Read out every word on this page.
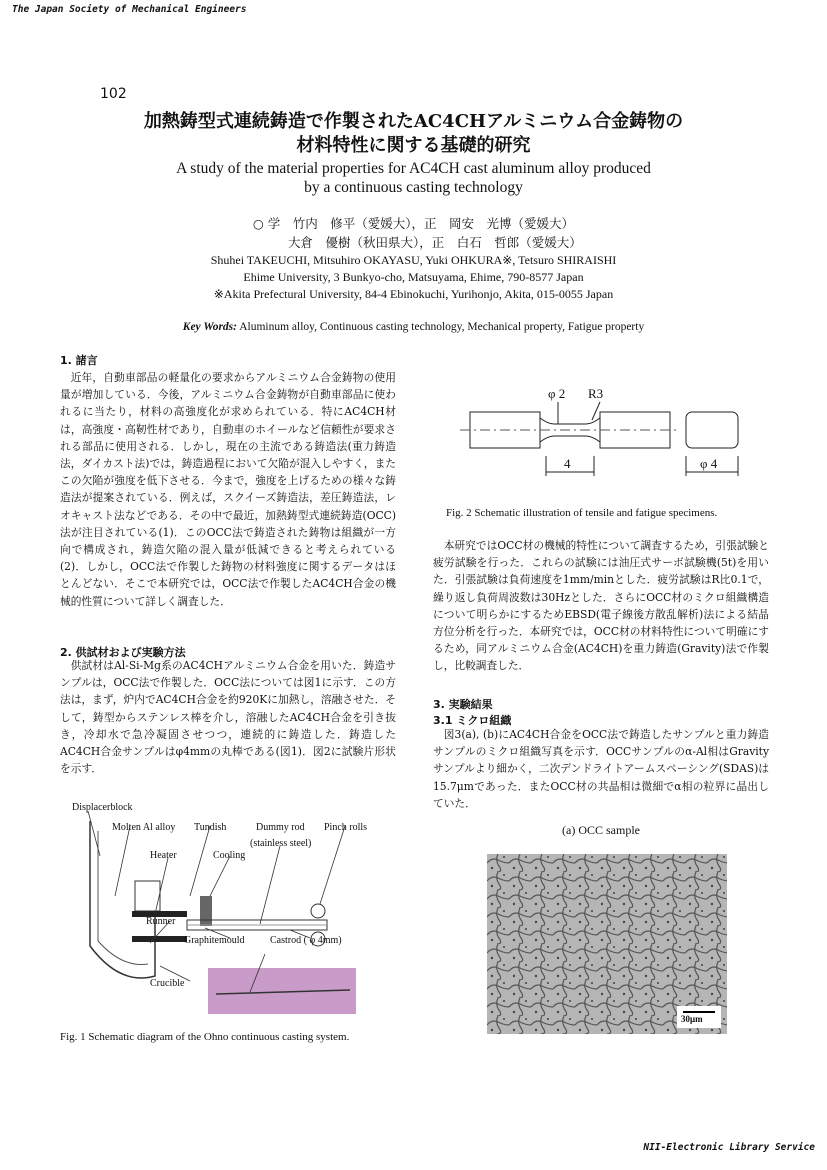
The Japan Society of Mechanical Engineers
NII-Electronic Library Service
102
加熱鋳型式連続鋳造で作製されたAC4CHアルミニウム合金鋳物の
材料特性に関する基礎的研究
A study of the material properties for AC4CH cast aluminum alloy produced
by a continuous casting technology
○ 学　竹内　修平（愛媛大），正　岡安　光博（愛媛大）
大倉　優樹（秋田県大），正　白石　哲郎（愛媛大）
Shuhei TAKEUCHI, Mitsuhiro OKAYASU, Yuki OHKURA※, Tetsuro SHIRAISHI
Ehime University, 3 Bunkyo-cho, Matsuyama, Ehime, 790-8577 Japan
※Akita Prefectural University, 84-4 Ebinokuchi, Yurihonjo, Akita, 015-0055 Japan
Key Words: Aluminum alloy, Continuous casting technology, Mechanical property, Fatigue property
1. 諸言

近年，自動車部品の軽量化の要求からアルミニウム合金鋳物の使用量が増加している．今後，アルミニウム合金鋳物が自動車部品に使われるに当たり，材料の高強度化が求められている．特にAC4CH材は，高強度・高靭性材であり，自動車のホイールなど信頼性が要求される部品に使用される．しかし，現在の主流である鋳造法(重力鋳造法，ダイカスト法)では，鋳造過程において欠陥が混入しやすく，またこの欠陥が強度を低下させる．今まで，強度を上げるための様々な鋳造法が提案されている．例えば，スクイーズ鋳造法，差圧鋳造法，レオキャスト法などである．その中で最近，加熱鋳型式連続鋳造(OCC)法が注目されている(1)．このOCC法で鋳造された鋳物は組織が一方向で構成され，鋳造欠陥の混入量が低減できると考えられている(2)．しかし，OCC法で作製した鋳物の材料強度に関するデータはほとんどない．そこで本研究では，OCC法で作製したAC4CH合金の機械的性質について詳しく調査した．

2. 供試材および実験方法

供試材はAl-Si-Mg系のAC4CHアルミニウム合金を用いた．鋳造サンプルは，OCC法で作製した．OCC法については図1に示す．この方法は，まず，炉内でAC4CH合金を約920Kに加熱し，溶融させた．そして，鋳型からステンレス棒を介し，溶融したAC4CH合金を引き抜き，冷却水で急冷凝固させつつ，連続的に鋳造した．鋳造したAC4CH合金サンプルはφ4mmの丸棒である(図1)．図2に試験片形状を示す．

Displacerblock
Molten Al alloy Tundish	Dummy rod
(stainless steel)
Pinch rolls
Heater	Cooling
Runner
Graphitemould	Castrod ( φ 4mm)
Crucible
Fig. 1 Schematic diagram of the Ohno continuous casting system.
φ 2 R3
4	φ 4
Fig. 2 Schematic illustration of tensile and fatigue specimens.

本研究ではOCC材の機械的特性について調査するため，引張試験と疲労試験を行った．これらの試験には油圧式サーボ試験機(5t)を用いた．引張試験は負荷速度を1mm/minとした．疲労試験はR比0.1で，繰り返し負荷周波数は30Hzとした．さらにOCC材のミクロ組織構造について明らかにするためEBSD(電子線後方散乱解析)法による結晶方位分析を行った．本研究では，OCC材の材料特性について明確にするため，同アルミニウム合金(AC4CH)を重力鋳造(Gravity)法で作製し，比較調査した．

3. 実験結果
3.1 ミクロ組織

図3(a), (b)にAC4CH合金をOCC法で鋳造したサンプルと重力鋳造サンプルのミクロ組織写真を示す．OCCサンプルのα-Al相はGravityサンプルより細かく，二次デンドライトアームスペーシング(SDAS)は15.7μmであった．またOCC材の共晶相は微細でα相の粒界に晶出していた．

(a) OCC sample
30μm
